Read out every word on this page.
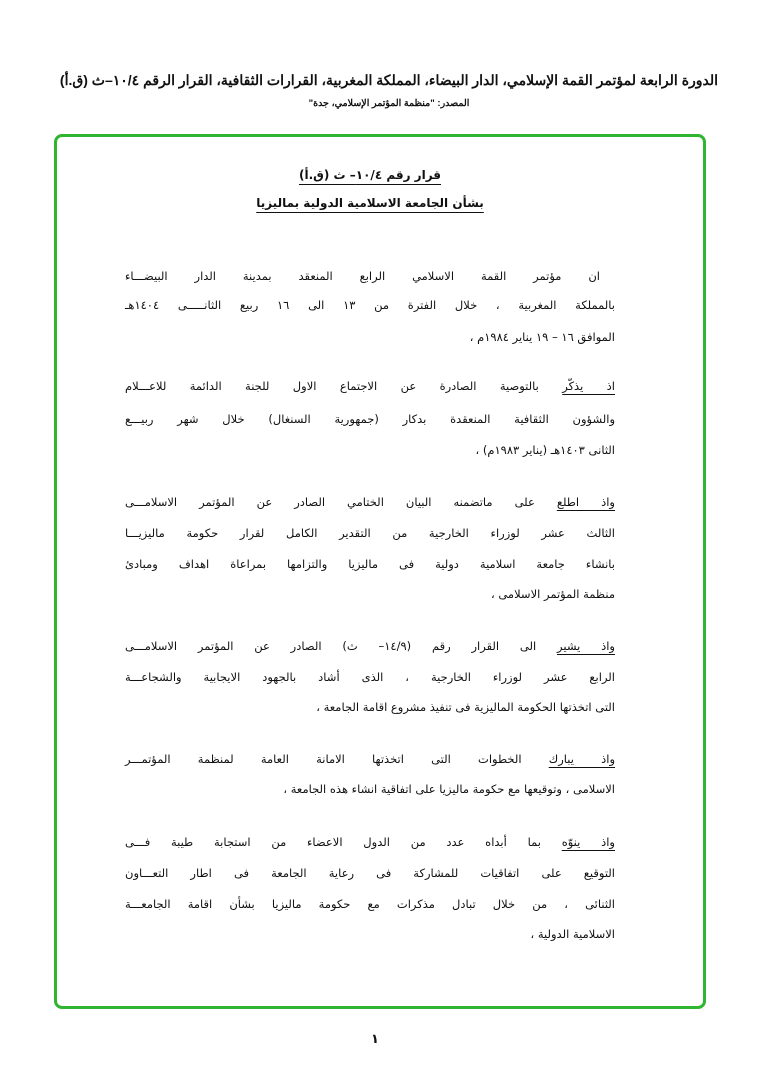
الدورة الرابعة لمؤتمر القمة الإسلامي، الدار البيضاء، المملكة المغربية، القرارات الثقافية، القرار الرقم ١٠/٤–ث (ق.أ)
المصدر: "منظمة المؤتمر الإسلامي، جدة"
قرار رقم ١٠/٤– ث (ق.أ)
بشأن الجامعة الاسلامية الدولية بماليزيا
ان مؤتمر القمة الاسلامي الرابع المنعقد بمدينة الدار البيضـــاء
بالمملكة المغربية ، خلال الفترة من ١٣ الى ١٦ ربيع الثانـــــى ١٤٠٤هـ
الموافق ١٦ – ١٩ يناير ١٩٨٤م ،
اذ يذكّر بالتوصية الصادرة عن الاجتماع الاول للجنة الدائمة للاعـــلام
والشؤون الثقافية المنعقدة بدكار (جمهورية السنغال) خلال شهر ربيـــع
الثانى ١٤٠٣هـ (يناير ١٩٨٣م) ،
واذ اطلع على ماتضمنه البيان الختامي الصادر عن المؤتمر الاسلامـــى
الثالث عشر لوزراء الخارجية من التقدير الكامل لقرار حكومة ماليزيـــا
بانشاء جامعة اسلامية دولية فى ماليزيا والتزامها بمراعاة اهداف ومبادئ
منظمة المؤتمر الاسلامى ،
واذ يشير الى القرار رقم (١٤/٩– ث) الصادر عن المؤتمر الاسلامـــى
الرابع عشر لوزراء الخارجية ، الذى أشاد بالجهود الايجابية والشجاعـــة
التى اتخذتها الحكومة الماليزية فى تنفيذ مشروع اقامة الجامعة ،
واذ يبارك الخطوات التى اتخذتها الامانة العامة لمنظمة المؤتمـــر
الاسلامى ، وتوقيعها مع حكومة ماليزيا على اتفاقية انشاء هذه الجامعة ،
واذ ينوّه بما أبداه عدد من الدول الاعضاء من استجابة طيبة فـــى
التوقيع على اتفاقيات للمشاركة فى رعاية الجامعة فى اطار التعـــاون
الثنائى ، من خلال تبادل مذكرات مع حكومة ماليزيا بشأن اقامة الجامعـــة
الاسلامية الدولية ،
١
